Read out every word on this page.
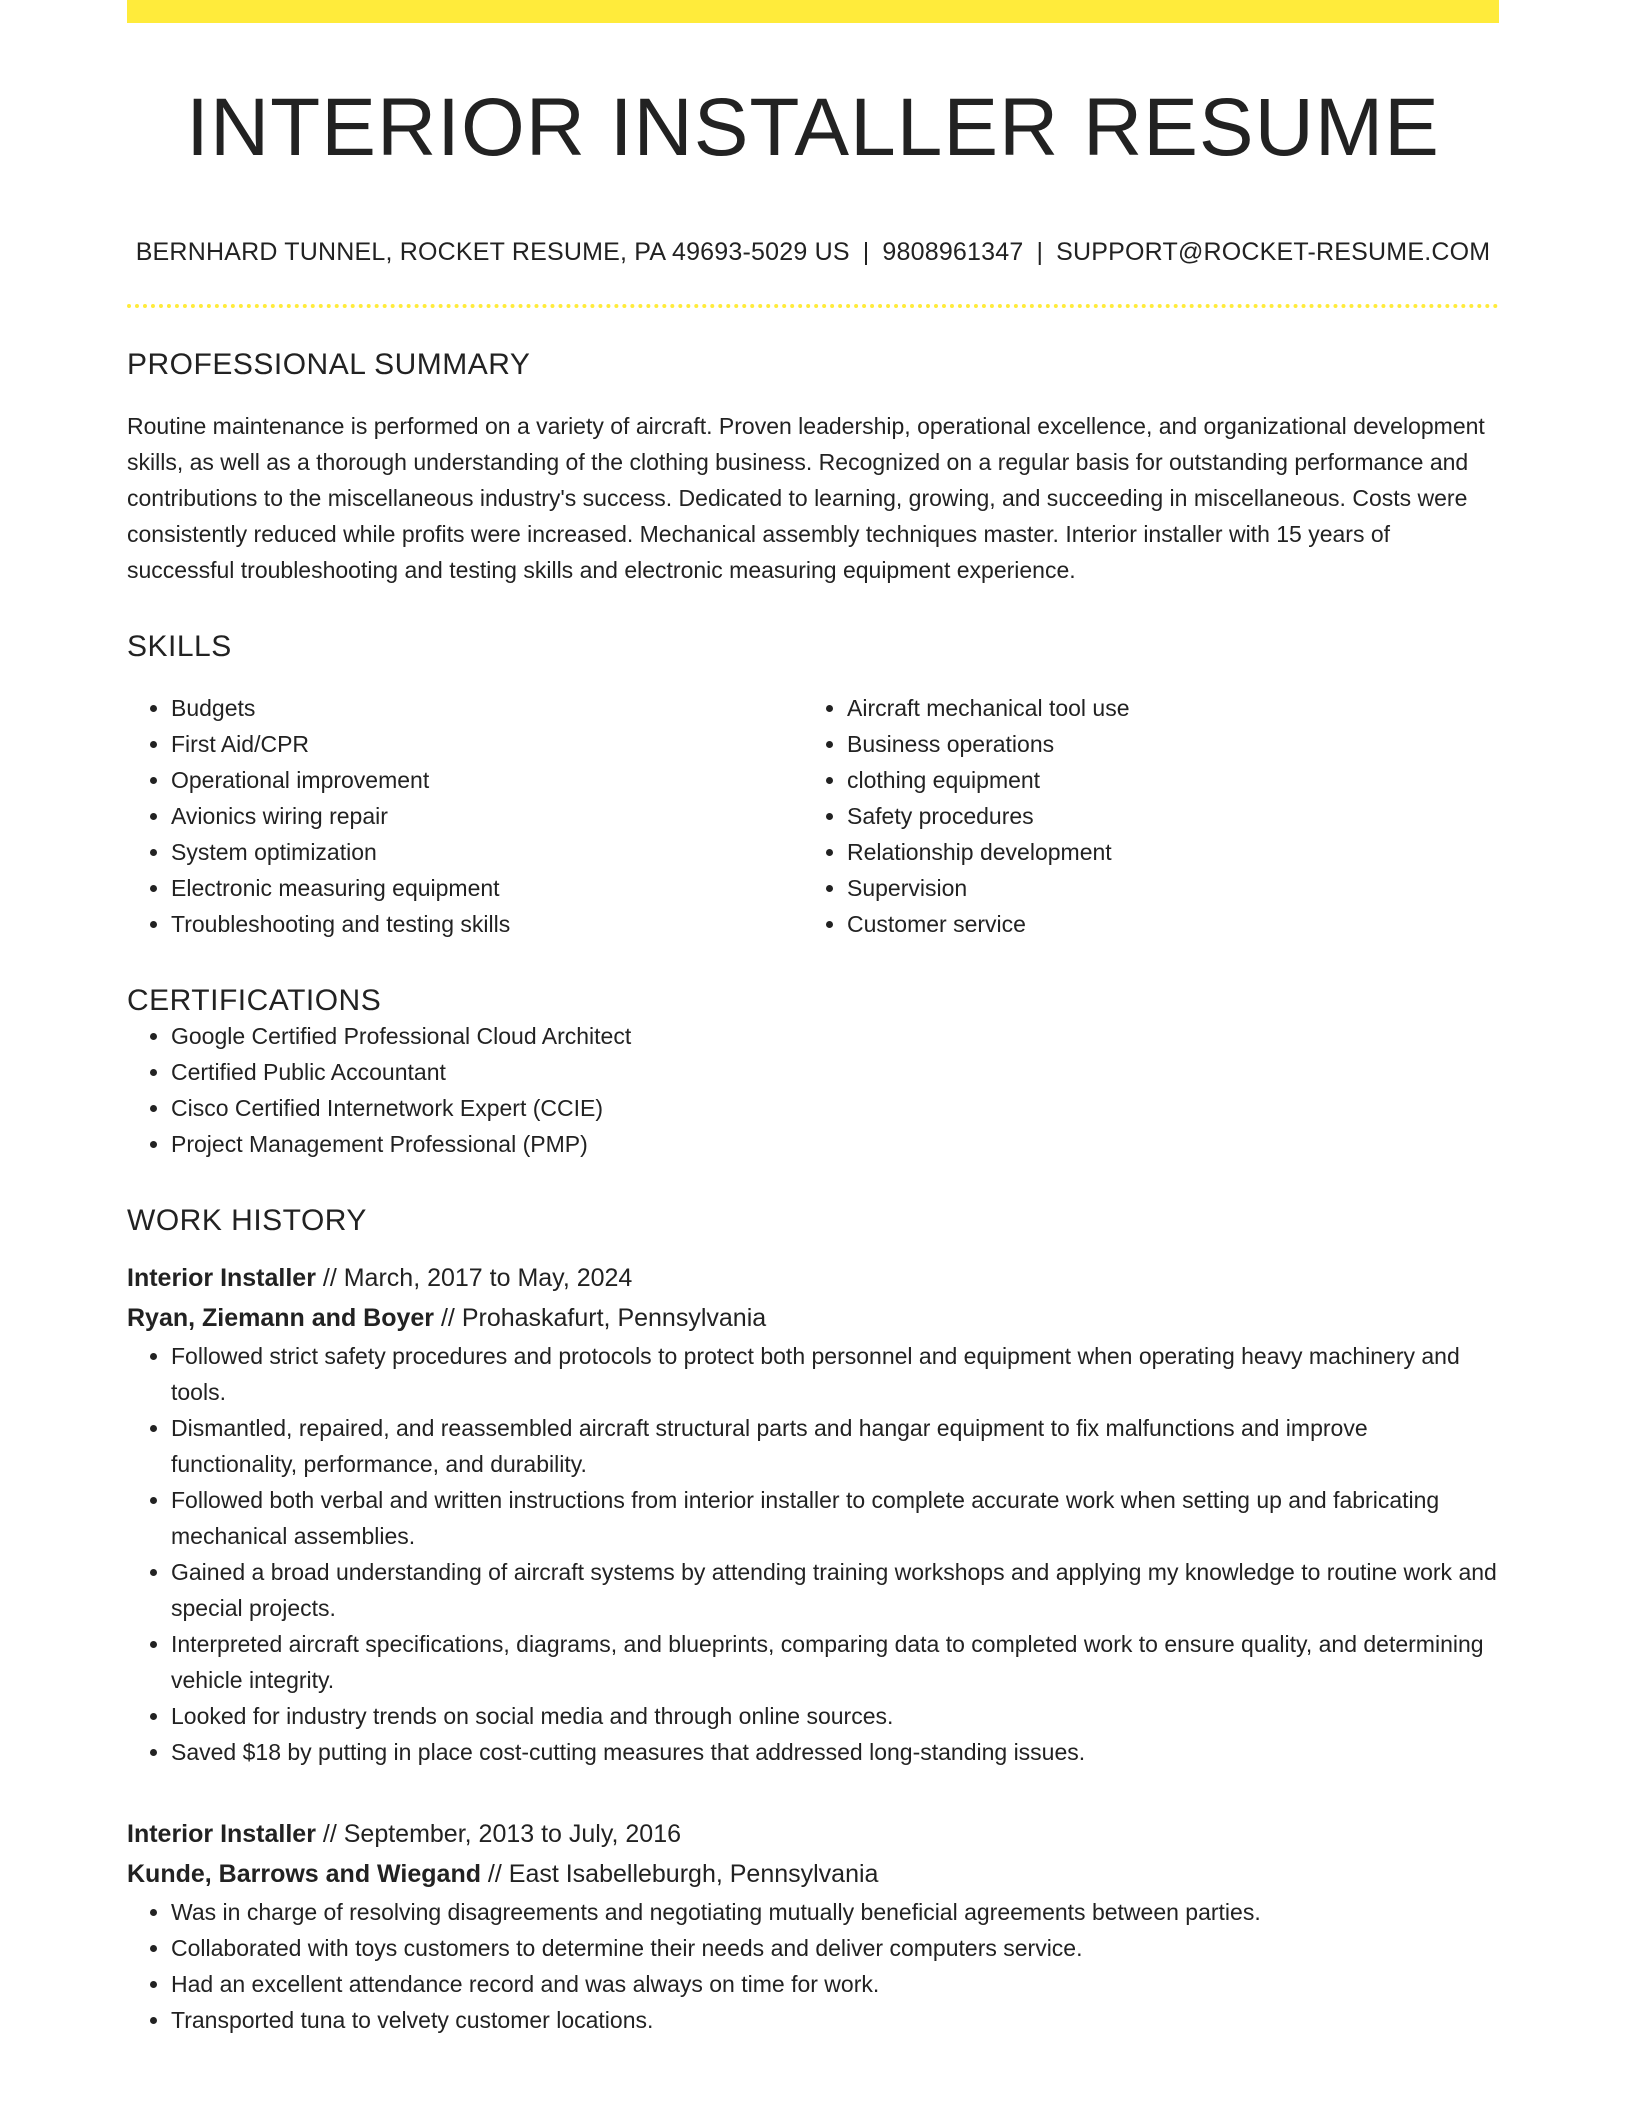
INTERIOR INSTALLER RESUME
BERNHARD TUNNEL, ROCKET RESUME, PA 49693-5029 US | 9808961347 | SUPPORT@ROCKET-RESUME.COM
PROFESSIONAL SUMMARY
Routine maintenance is performed on a variety of aircraft. Proven leadership, operational excellence, and organizational development skills, as well as a thorough understanding of the clothing business. Recognized on a regular basis for outstanding performance and contributions to the miscellaneous industry's success. Dedicated to learning, growing, and succeeding in miscellaneous. Costs were consistently reduced while profits were increased. Mechanical assembly techniques master. Interior installer with 15 years of successful troubleshooting and testing skills and electronic measuring equipment experience.
SKILLS
• Budgets
• First Aid/CPR
• Operational improvement
• Avionics wiring repair
• System optimization
• Electronic measuring equipment
• Troubleshooting and testing skills
• Aircraft mechanical tool use
• Business operations
• clothing equipment
• Safety procedures
• Relationship development
• Supervision
• Customer service
CERTIFICATIONS
• Google Certified Professional Cloud Architect
• Certified Public Accountant
• Cisco Certified Internetwork Expert (CCIE)
• Project Management Professional (PMP)
WORK HISTORY
Interior Installer // March, 2017 to May, 2024
Ryan, Ziemann and Boyer // Prohaskafurt, Pennsylvania
• Followed strict safety procedures and protocols to protect both personnel and equipment when operating heavy machinery and tools.
• Dismantled, repaired, and reassembled aircraft structural parts and hangar equipment to fix malfunctions and improve functionality, performance, and durability.
• Followed both verbal and written instructions from interior installer to complete accurate work when setting up and fabricating mechanical assemblies.
• Gained a broad understanding of aircraft systems by attending training workshops and applying my knowledge to routine work and special projects.
• Interpreted aircraft specifications, diagrams, and blueprints, comparing data to completed work to ensure quality, and determining vehicle integrity.
• Looked for industry trends on social media and through online sources.
• Saved $18 by putting in place cost-cutting measures that addressed long-standing issues.
Interior Installer // September, 2013 to July, 2016
Kunde, Barrows and Wiegand // East Isabelleburgh, Pennsylvania
• Was in charge of resolving disagreements and negotiating mutually beneficial agreements between parties.
• Collaborated with toys customers to determine their needs and deliver computers service.
• Had an excellent attendance record and was always on time for work.
• Transported tuna to velvety customer locations.
